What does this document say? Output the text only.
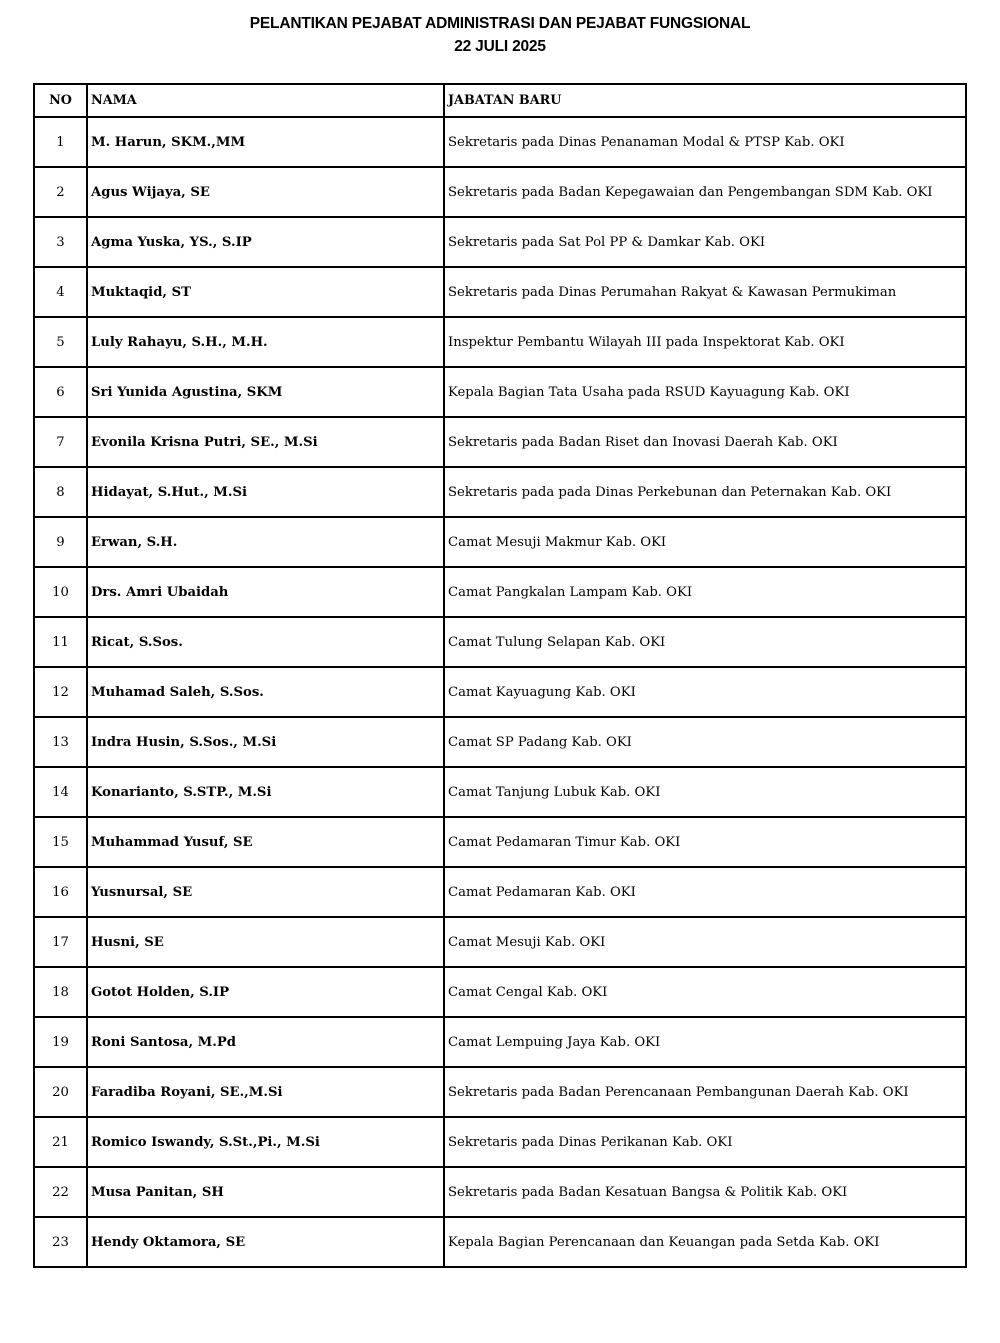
PELANTIKAN PEJABAT ADMINISTRASI DAN PEJABAT FUNGSIONAL
22 JULI 2025
NO	NAMA	JABATAN BARU
1	M. Harun, SKM.,MM	Sekretaris pada Dinas Penanaman Modal & PTSP Kab. OKI
2	Agus Wijaya, SE	Sekretaris pada Badan Kepegawaian dan Pengembangan SDM Kab. OKI
3	Agma Yuska, YS., S.IP	Sekretaris pada Sat Pol PP & Damkar Kab. OKI
4	Muktaqid, ST	Sekretaris pada Dinas Perumahan Rakyat & Kawasan Permukiman
5	Luly Rahayu, S.H., M.H.	Inspektur Pembantu Wilayah III pada Inspektorat Kab. OKI
6	Sri Yunida Agustina, SKM	Kepala Bagian Tata Usaha pada RSUD Kayuagung Kab. OKI
7	Evonila Krisna Putri, SE., M.Si	Sekretaris pada Badan Riset dan Inovasi Daerah Kab. OKI
8	Hidayat, S.Hut., M.Si	Sekretaris pada pada Dinas Perkebunan dan Peternakan Kab. OKI
9	Erwan, S.H.	Camat Mesuji Makmur Kab. OKI
10	Drs. Amri Ubaidah	Camat Pangkalan Lampam Kab. OKI
11	Ricat, S.Sos.	Camat Tulung Selapan Kab. OKI
12	Muhamad Saleh, S.Sos.	Camat Kayuagung Kab. OKI
13	Indra Husin, S.Sos., M.Si	Camat SP Padang Kab. OKI
14	Konarianto, S.STP., M.Si	Camat Tanjung Lubuk Kab. OKI
15	Muhammad Yusuf, SE	Camat Pedamaran Timur Kab. OKI
16	Yusnursal, SE	Camat Pedamaran Kab. OKI
17	Husni, SE	Camat Mesuji Kab. OKI
18	Gotot Holden, S.IP	Camat Cengal Kab. OKI
19	Roni Santosa, M.Pd	Camat Lempuing Jaya Kab. OKI
20	Faradiba Royani, SE.,M.Si	Sekretaris pada Badan Perencanaan Pembangunan Daerah Kab. OKI
21	Romico Iswandy, S.St.,Pi., M.Si	Sekretaris pada Dinas Perikanan Kab. OKI
22	Musa Panitan, SH	Sekretaris pada Badan Kesatuan Bangsa & Politik Kab. OKI
23	Hendy Oktamora, SE	Kepala Bagian Perencanaan dan Keuangan pada Setda Kab. OKI
